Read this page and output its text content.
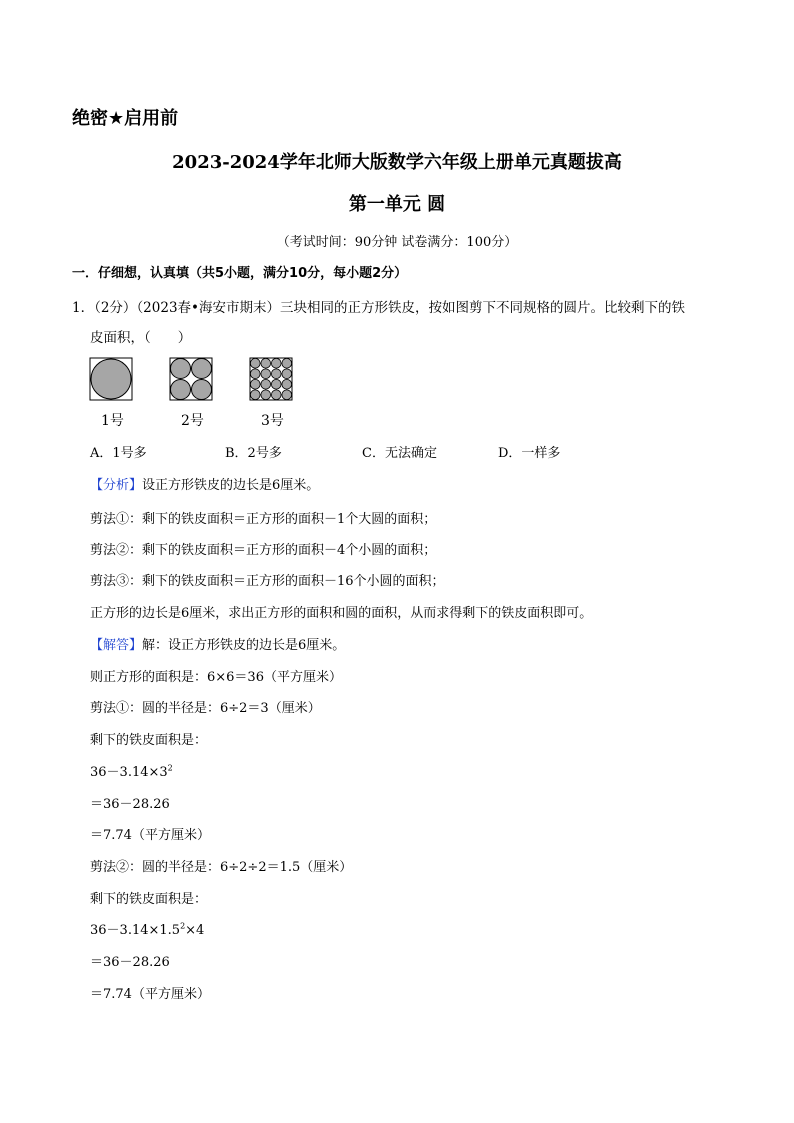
绝密★启用前
2023-2024学年北师大版数学六年级上册单元真题拔高
第一单元 圆
（考试时间：90分钟 试卷满分：100分）
一．仔细想，认真填（共5小题，满分10分，每小题2分）
1．（2分）（2023春•海安市期末）三块相同的正方形铁皮，按如图剪下不同规格的圆片。比较剩下的铁
皮面积，（　　）
1号	2号	3号
A．1号多	B．2号多	C．无法确定	D．一样多
【分析】设正方形铁皮的边长是6厘米。
剪法①：剩下的铁皮面积＝正方形的面积－1个大圆的面积；
剪法②：剩下的铁皮面积＝正方形的面积－4个小圆的面积；
剪法③：剩下的铁皮面积＝正方形的面积－16个小圆的面积；
正方形的边长是6厘米，求出正方形的面积和圆的面积，从而求得剩下的铁皮面积即可。
【解答】解：设正方形铁皮的边长是6厘米。
则正方形的面积是：6×6＝36（平方厘米）
剪法①：圆的半径是：6÷2＝3（厘米）
剩下的铁皮面积是：
$36-3.14\times 3^2$
＝36－28.26
＝7.74（平方厘米）
剪法②：圆的半径是：6÷2÷2＝1.5（厘米）
剩下的铁皮面积是：
$36-3.14\times 1.5^2\times 4$
＝36－28.26
＝7.74（平方厘米）
